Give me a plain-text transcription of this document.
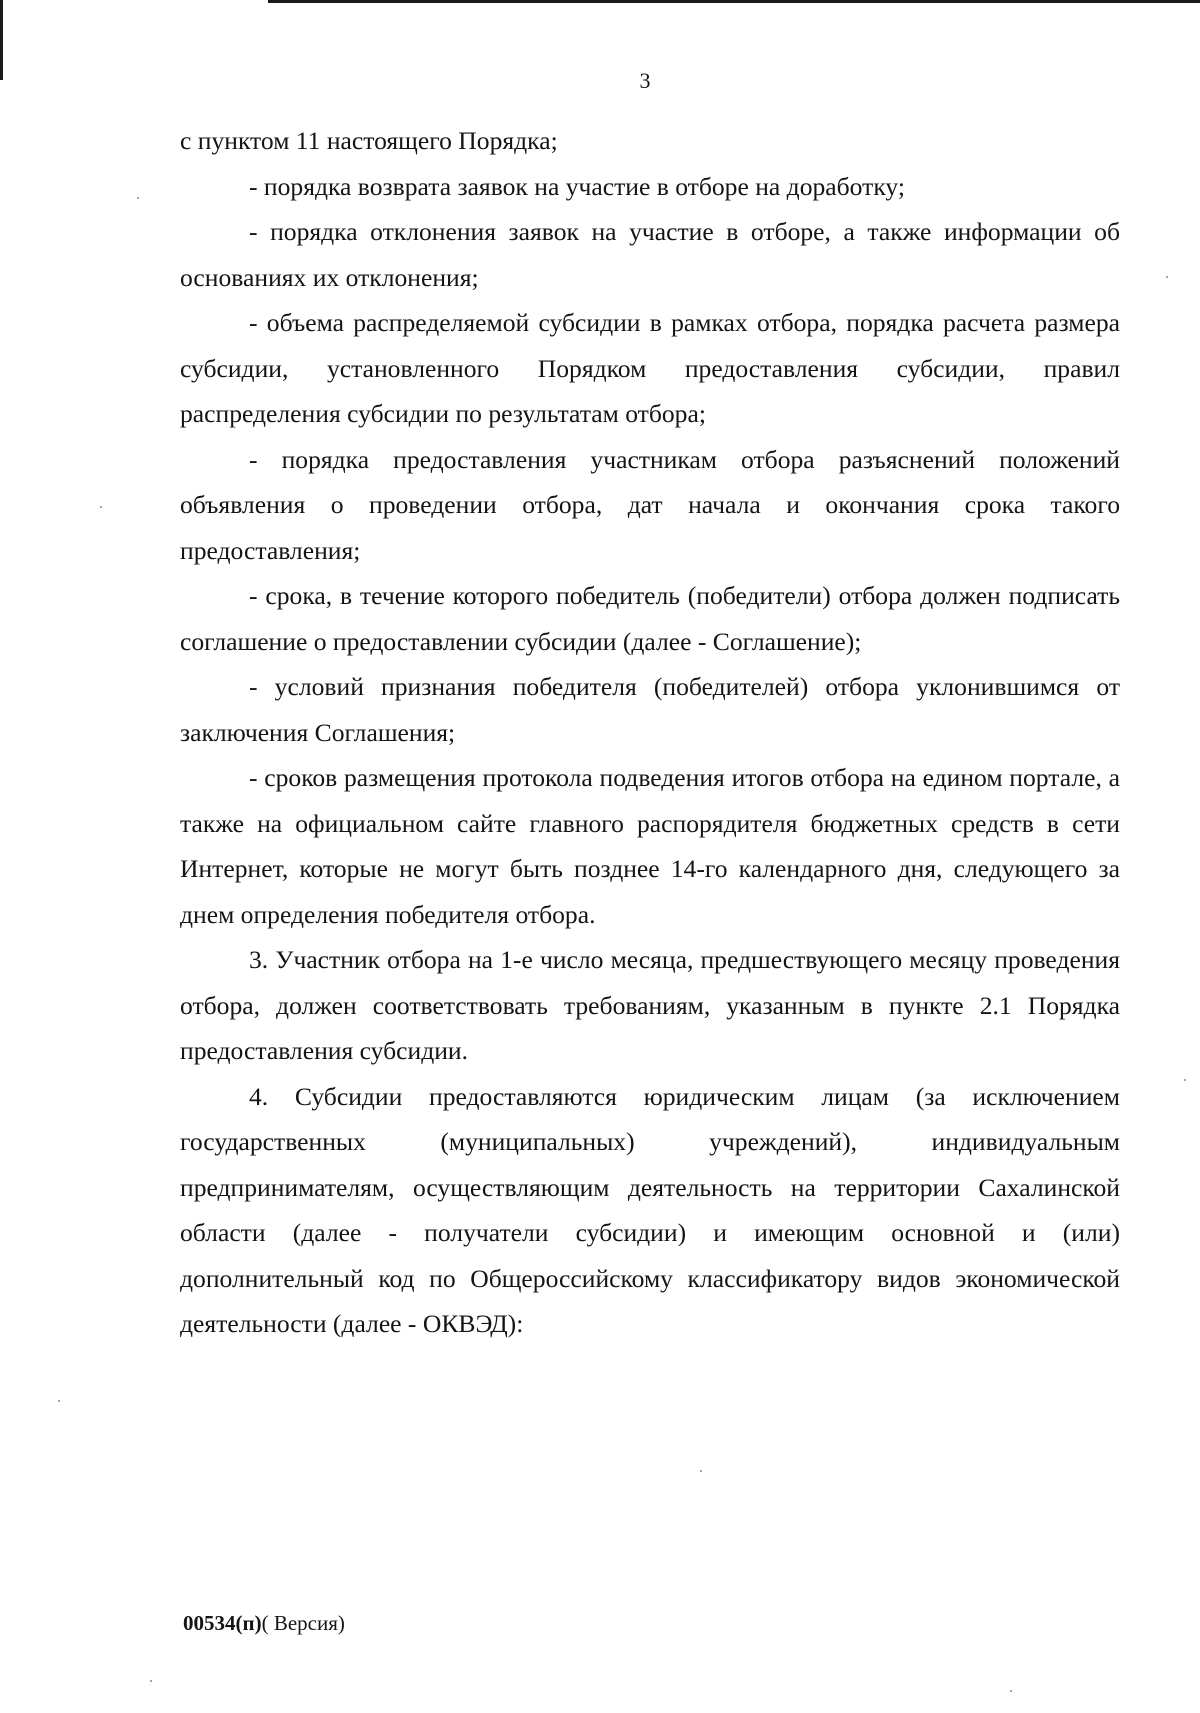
3

с пунктом 11 настоящего Порядка;

- порядка возврата заявок на участие в отборе на доработку;

- порядка отклонения заявок на участие в отборе, а также информации об основаниях их отклонения;

- объема распределяемой субсидии в рамках отбора, порядка расчета размера субсидии, установленного Порядком предоставления субсидии, правил распределения субсидии по результатам отбора;

- порядка предоставления участникам отбора разъяснений положений объявления о проведении отбора, дат начала и окончания срока такого предоставления;

- срока, в течение которого победитель (победители) отбора должен подписать соглашение о предоставлении субсидии (далее - Соглашение);

- условий признания победителя (победителей) отбора уклонившимся от заключения Соглашения;

- сроков размещения протокола подведения итогов отбора на едином портале, а также на официальном сайте главного распорядителя бюджетных средств в сети Интернет, которые не могут быть позднее 14-го календарного дня, следующего за днем определения победителя отбора.

3. Участник отбора на 1-е число месяца, предшествующего месяцу проведения отбора, должен соответствовать требованиям, указанным в пункте 2.1 Порядка предоставления субсидии.

4. Субсидии предоставляются юридическим лицам (за исключением государственных (муниципальных) учреждений), индивидуальным предпринимателям, осуществляющим деятельность на территории Сахалинской области (далее - получатели субсидии) и имеющим основной и (или) дополнительный код по Общероссийскому классификатору видов экономической деятельности (далее - ОКВЭД):

00534(п)( Версия)
